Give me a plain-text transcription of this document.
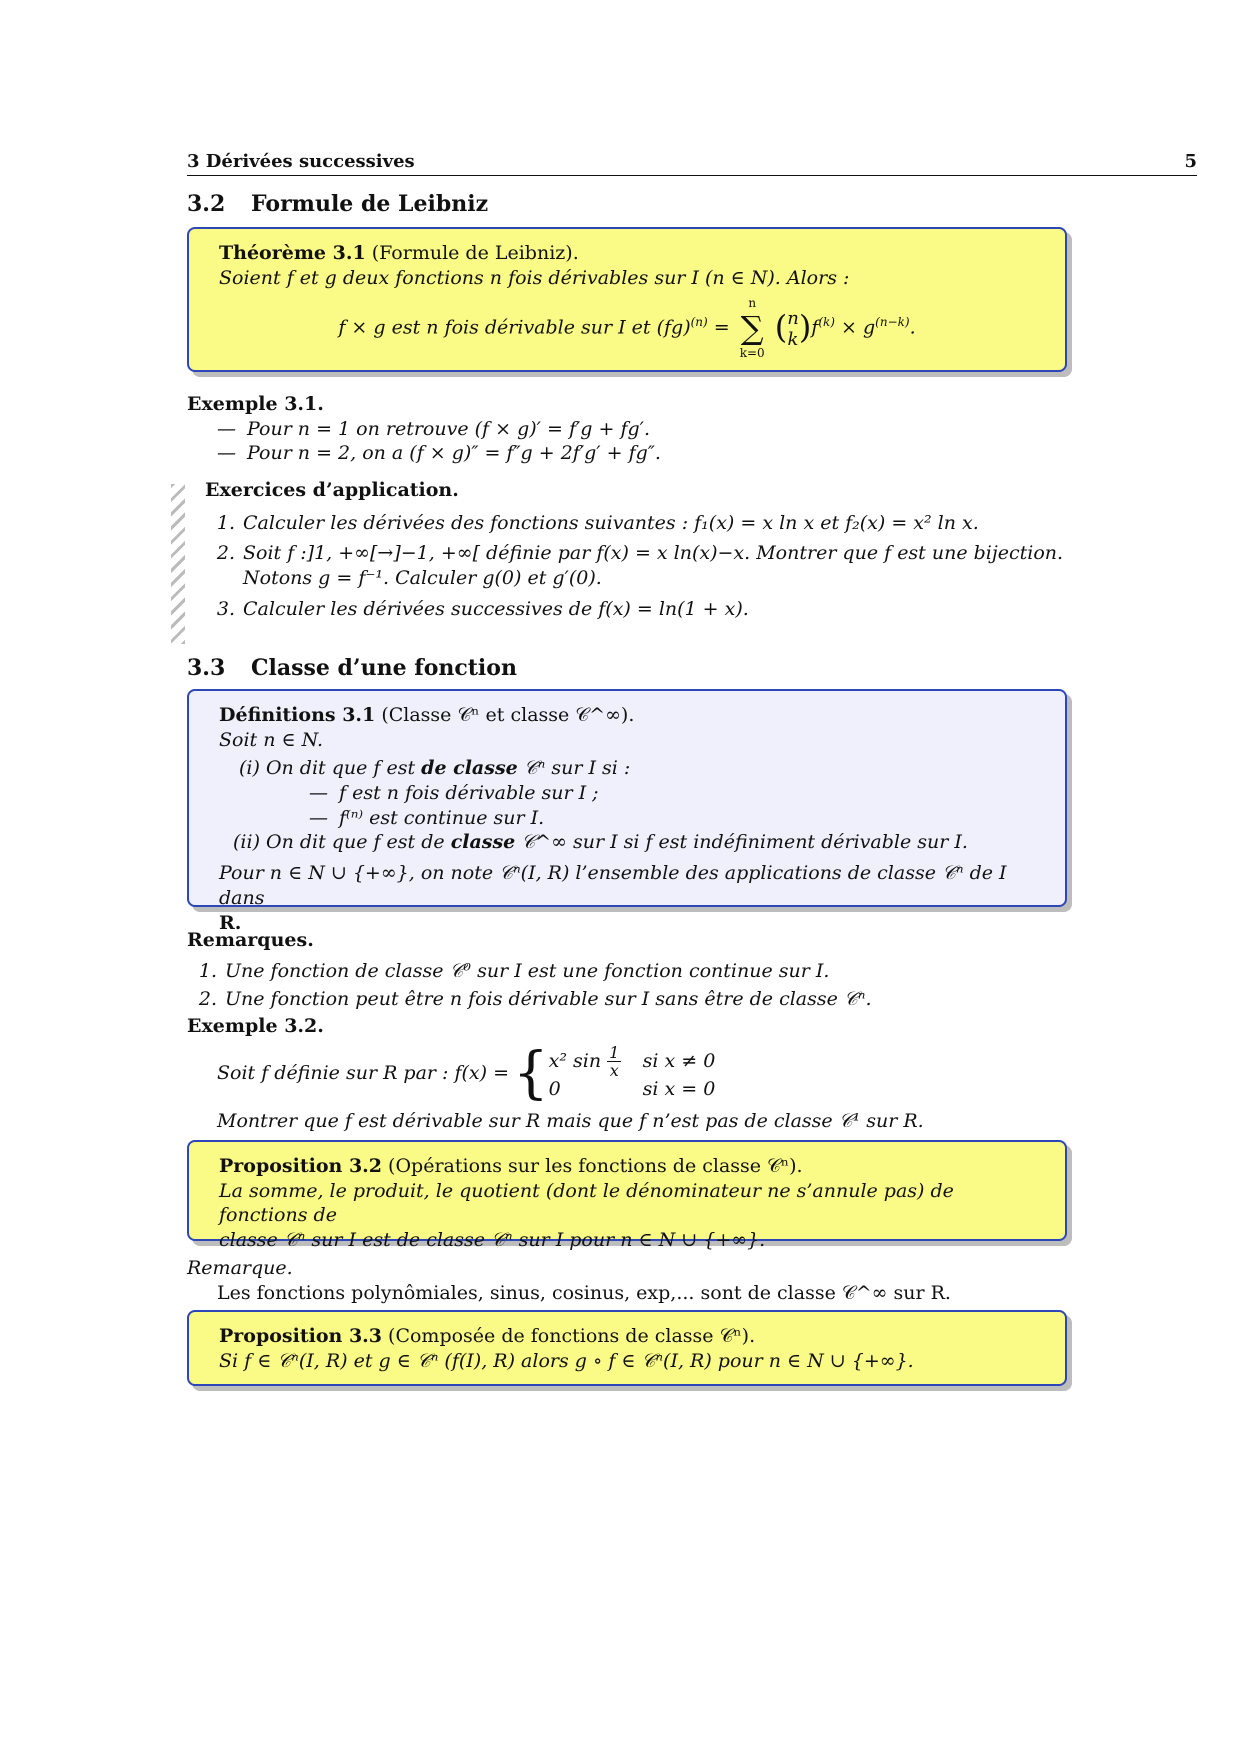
3 Dérivées successives	5
3.2 Formule de Leibniz
Théorème 3.1 (Formule de Leibniz).
Soient f et g deux fonctions n fois dérivables sur I (n ∈ N). Alors :
f × g est n fois dérivable sur I et (fg)$^{(n)}$ =
n
∑
k=0
(n
$k)f^{(k)} \times g^{(n-k)}$.
Exemple 3.1.
— Pour n = 1 on retrouve (f × g)′ = f′g + fg′.
— Pour n = 2, on a (f × g)″ = f″g + 2f′g′ + fg″.
Exercices d’application.
1. Calculer les dérivées des fonctions suivantes : f₁(x) = x ln x et f₂(x) = x² ln x.
2. Soit f :]1, +∞[→]−1, +∞[ définie par f(x) = x ln(x)−x. Montrer que f est une bijection.
Notons g = f⁻¹. Calculer g(0) et g′(0).
3. Calculer les dérivées successives de f(x) = ln(1 + x).
3.3 Classe d’une fonction
Définitions 3.1 (Classe 𝒞ⁿ et classe 𝒞^∞).
Soit n ∈ N.
(i) On dit que f est de classe 𝒞ⁿ sur I si :
— f est n fois dérivable sur I ;
— f⁽ⁿ⁾ est continue sur I.
(ii) On dit que f est de classe 𝒞^∞ sur I si f est indéfiniment dérivable sur I.
Pour n ∈ N ∪ {+∞}, on note 𝒞ⁿ(I, R) l’ensemble des applications de classe 𝒞ⁿ de I dans
R.
Remarques.
1. Une fonction de classe 𝒞⁰ sur I est une fonction continue sur I.
2. Une fonction peut être n fois dérivable sur I sans être de classe 𝒞ⁿ.
Exemple 3.2.
Soit f définie sur R par : f(x) = { x² $\sin \frac{1}{x}$ si x ≠ 0
0	si x = 0
Montrer que f est dérivable sur R mais que f n’est pas de classe 𝒞¹ sur R.
Proposition 3.2 (Opérations sur les fonctions de classe 𝒞ⁿ).
La somme, le produit, le quotient (dont le dénominateur ne s’annule pas) de fonctions de
classe 𝒞ⁿ sur I est de classe 𝒞ⁿ sur I pour n ∈ N ∪ {+∞}.
Remarque.
Les fonctions polynômiales, sinus, cosinus, exp,... sont de classe 𝒞^∞ sur R.
Proposition 3.3 (Composée de fonctions de classe 𝒞ⁿ).
Si f ∈ 𝒞ⁿ(I, R) et g ∈ 𝒞ⁿ (f(I), R) alors g ∘ f ∈ 𝒞ⁿ(I, R) pour n ∈ N ∪ {+∞}.
